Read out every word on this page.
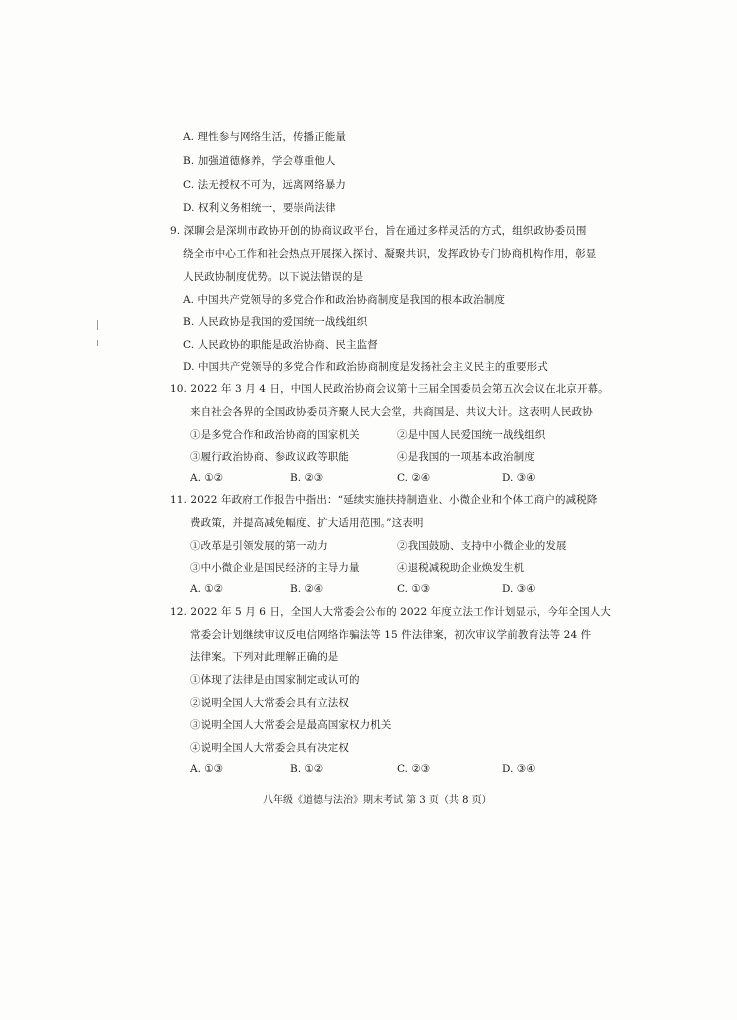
A. 理性参与网络生活，传播正能量
B. 加强道德修养，学会尊重他人
C. 法无授权不可为，远离网络暴力
D. 权利义务相统一，要崇尚法律
9. 深聊会是深圳市政协开创的协商议政平台，旨在通过多样灵活的方式，组织政协委员围
绕全市中心工作和社会热点开展探入探讨、凝聚共识，发挥政协专门协商机构作用，彰显
人民政协制度优势。以下说法错误的是
A. 中国共产党领导的多党合作和政治协商制度是我国的根本政治制度
B. 人民政协是我国的爱国统一战线组织
C. 人民政协的职能是政治协商、民主监督
D. 中国共产党领导的多党合作和政治协商制度是发扬社会主义民主的重要形式
10. 2022 年 3 月 4 日，中国人民政治协商会议第十三届全国委员会第五次会议在北京开幕。
来自社会各界的全国政协委员齐聚人民大会堂，共商国是、共议大计。这表明人民政协
①是多党合作和政治协商的国家机关	②是中国人民爱国统一战线组织
③履行政治协商、参政议政等职能	④是我国的一项基本政治制度
A. ①②	B. ②③	C. ②④	D. ③④
11. 2022 年政府工作报告中指出：“延续实施扶持制造业、小微企业和个体工商户的减税降
费政策，并提高减免幅度、扩大适用范围。”这表明
①改革是引领发展的第一动力	②我国鼓励、支持中小微企业的发展
③中小微企业是国民经济的主导力量	④退税减税助企业焕发生机
A. ①②	B. ②④	C. ①③	D. ③④
12. 2022 年 5 月 6 日，全国人大常委会公布的 2022 年度立法工作计划显示，今年全国人大
常委会计划继续审议反电信网络诈骗法等 15 件法律案，初次审议学前教育法等 24 件
法律案。下列对此理解正确的是
①体现了法律是由国家制定或认可的
②说明全国人大常委会具有立法权
③说明全国人大常委会是最高国家权力机关
④说明全国人大常委会具有决定权
A. ①③	B. ①②	C. ②③	D. ③④
八年级《道德与法治》期末考试 第 3 页（共 8 页）
